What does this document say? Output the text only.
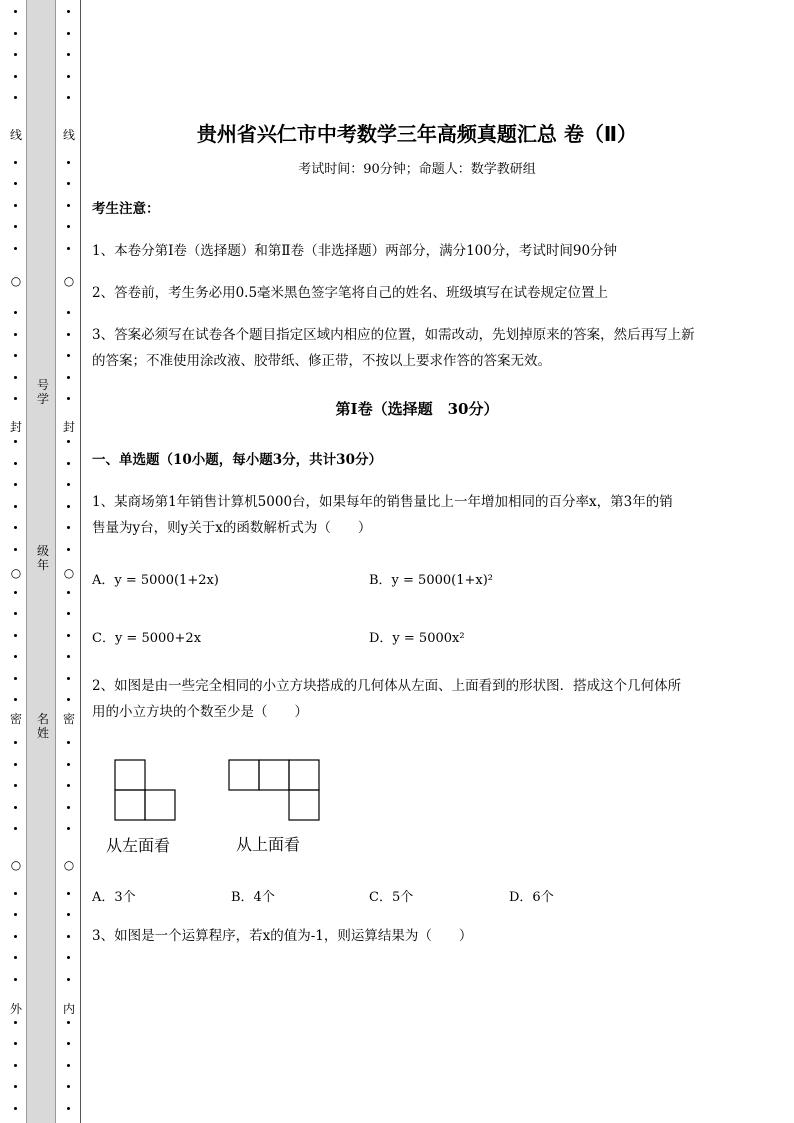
线
○
封
○
密
○
外
线
○
封
○
密
○
内
号
学
级
年
名
姓
贵州省兴仁市中考数学三年高频真题汇总 卷（Ⅱ）
考试时间：90分钟；命题人：数学教研组
考生注意：
1、本卷分第Ⅰ卷（选择题）和第Ⅱ卷（非选择题）两部分，满分100分，考试时间90分钟
2、答卷前，考生务必用0.5毫米黑色签字笔将自己的姓名、班级填写在试卷规定位置上
3、答案必须写在试卷各个题目指定区域内相应的位置，如需改动，先划掉原来的答案，然后再写上新
的答案；不准使用涂改液、胶带纸、修正带，不按以上要求作答的答案无效。
第Ⅰ卷（选择题　30分）
一、单选题（10小题，每小题3分，共计30分）
1、某商场第1年销售计算机5000台，如果每年的销售量比上一年增加相同的百分率x，第3年的销
售量为y台，则y关于x的函数解析式为（　　）
A．y = 5000(1+2x)	B．y = 5000(1+x)²
C．y = 5000+2x	D．y = 5000x²
2、如图是由一些完全相同的小立方块搭成的几何体从左面、上面看到的形状图．搭成这个几何体所
用的小立方块的个数至少是（　　）
从左面看	从上面看
A．3个	B．4个	C．5个	D．6个
3、如图是一个运算程序，若x的值为-1，则运算结果为（　　）
